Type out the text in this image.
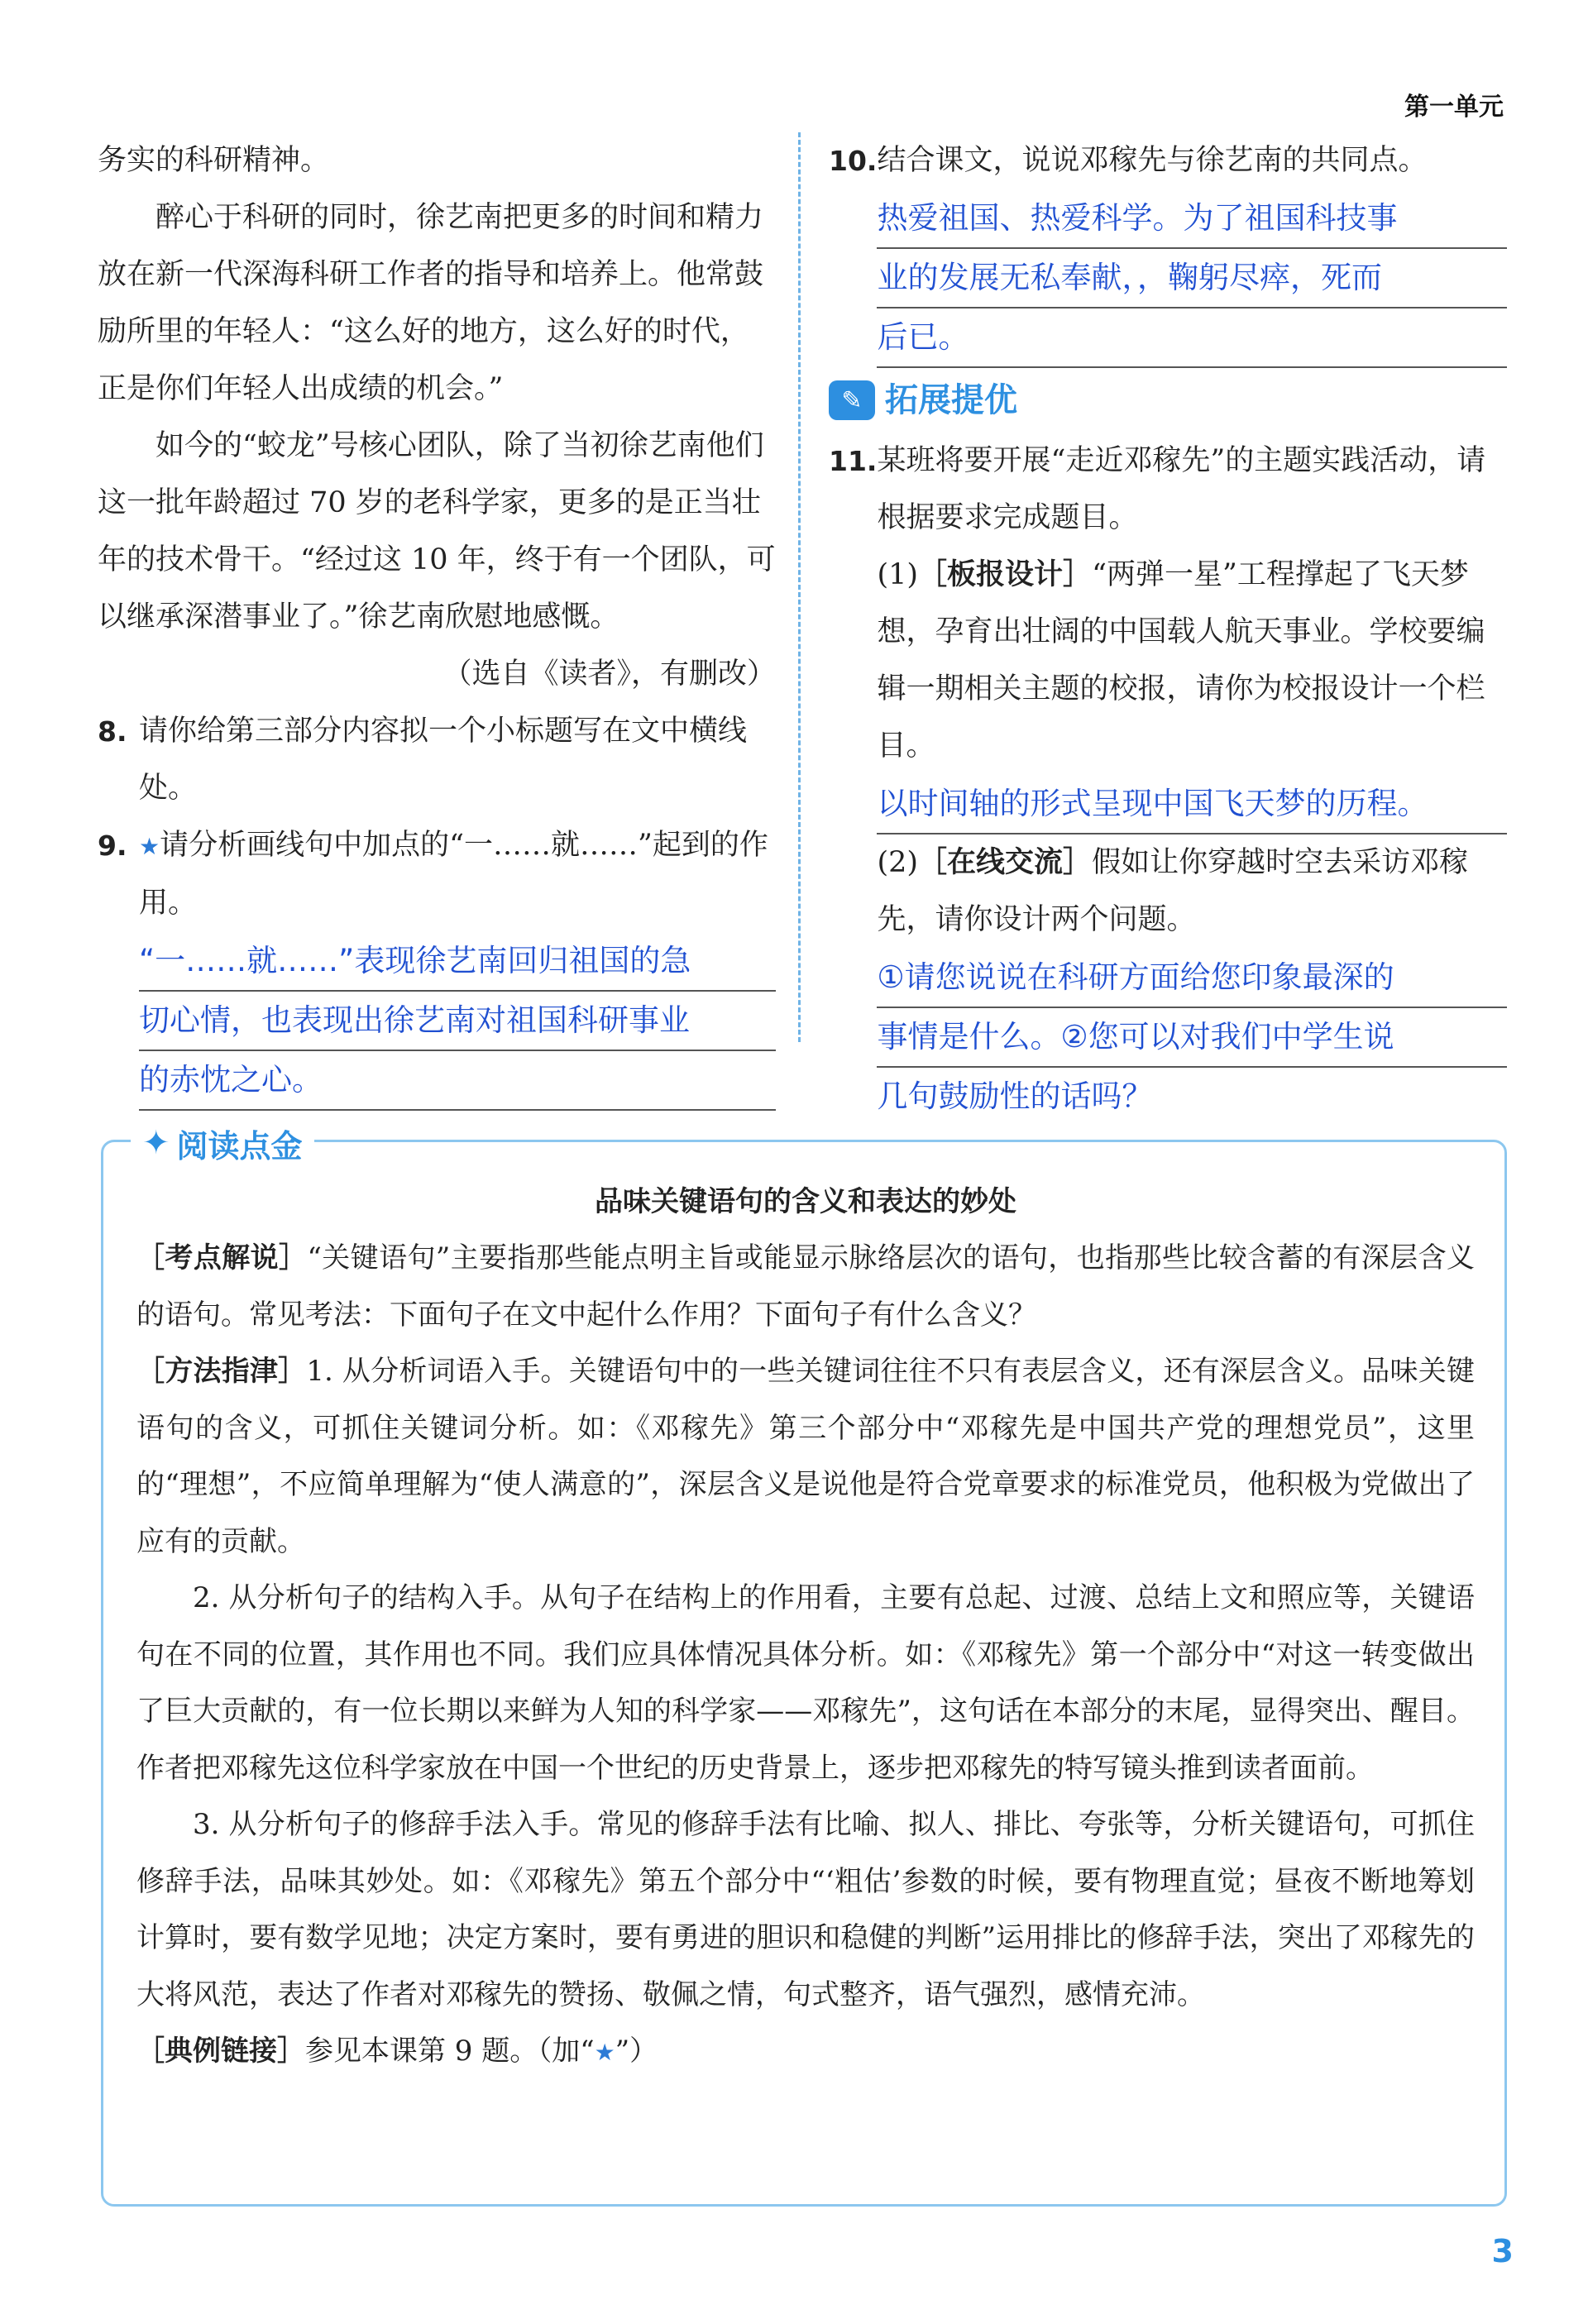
第一单元
务实的科研精神。
醉心于科研的同时，徐艺南把更多的时间和精力放在新一代深海科研工作者的指导和培养上。他常鼓励所里的年轻人：“这么好的地方，这么好的时代，正是你们年轻人出成绩的机会。”
如今的“蛟龙”号核心团队，除了当初徐艺南他们这一批年龄超过 70 岁的老科学家，更多的是正当壮年的技术骨干。“经过这 10 年，终于有一个团队，可以继承深潜事业了。”徐艺南欣慰地感慨。
（选自《读者》，有删改）
8. 请你给第三部分内容拟一个小标题写在文中横线处。
9. ★请分析画线句中加点的“一……就……”起到的作用。
“一……就……”表现徐艺南回归祖国的急
切心情，也表现出徐艺南对祖国科研事业
的赤忱之心。
10. 结合课文，说说邓稼先与徐艺南的共同点。
热爱祖国、热爱科学。为了祖国科技事
业的发展无私奉献，，鞠躬尽瘁，死而
后已。
✎ 拓展提优
11. 某班将要开展“走近邓稼先”的主题实践活动，请根据要求完成题目。
(1)［板报设计］“两弹一星”工程撑起了飞天梦想，孕育出壮阔的中国载人航天事业。学校要编辑一期相关主题的校报，请你为校报设计一个栏目。
以时间轴的形式呈现中国飞天梦的历程。
(2)［在线交流］假如让你穿越时空去采访邓稼先，请你设计两个问题。
①请您说说在科研方面给您印象最深的
事情是什么。②您可以对我们中学生说
几句鼓励性的话吗？
品味关键语句的含义和表达的妙处
［考点解说］“关键语句”主要指那些能点明主旨或能显示脉络层次的语句，也指那些比较含蓄的有深层含义的语句。常见考法：下面句子在文中起什么作用？下面句子有什么含义？
［方法指津］1. 从分析词语入手。关键语句中的一些关键词往往不只有表层含义，还有深层含义。品味关键语句的含义，可抓住关键词分析。如：《邓稼先》第三个部分中“邓稼先是中国共产党的理想党员”，这里的“理想”，不应简单理解为“使人满意的”，深层含义是说他是符合党章要求的标准党员，他积极为党做出了应有的贡献。
2. 从分析句子的结构入手。从句子在结构上的作用看，主要有总起、过渡、总结上文和照应等，关键语句在不同的位置，其作用也不同。我们应具体情况具体分析。如：《邓稼先》第一个部分中“对这一转变做出了巨大贡献的，有一位长期以来鲜为人知的科学家——邓稼先”，这句话在本部分的末尾，显得突出、醒目。作者把邓稼先这位科学家放在中国一个世纪的历史背景上，逐步把邓稼先的特写镜头推到读者面前。
3. 从分析句子的修辞手法入手。常见的修辞手法有比喻、拟人、排比、夸张等，分析关键语句，可抓住修辞手法，品味其妙处。如：《邓稼先》第五个部分中“‘粗估’参数的时候，要有物理直觉；昼夜不断地筹划计算时，要有数学见地；决定方案时，要有勇进的胆识和稳健的判断”运用排比的修辞手法，突出了邓稼先的大将风范，表达了作者对邓稼先的赞扬、敬佩之情，句式整齐，语气强烈，感情充沛。
［典例链接］参见本课第 9 题。（加“★”）
✦ 阅读点金
3
